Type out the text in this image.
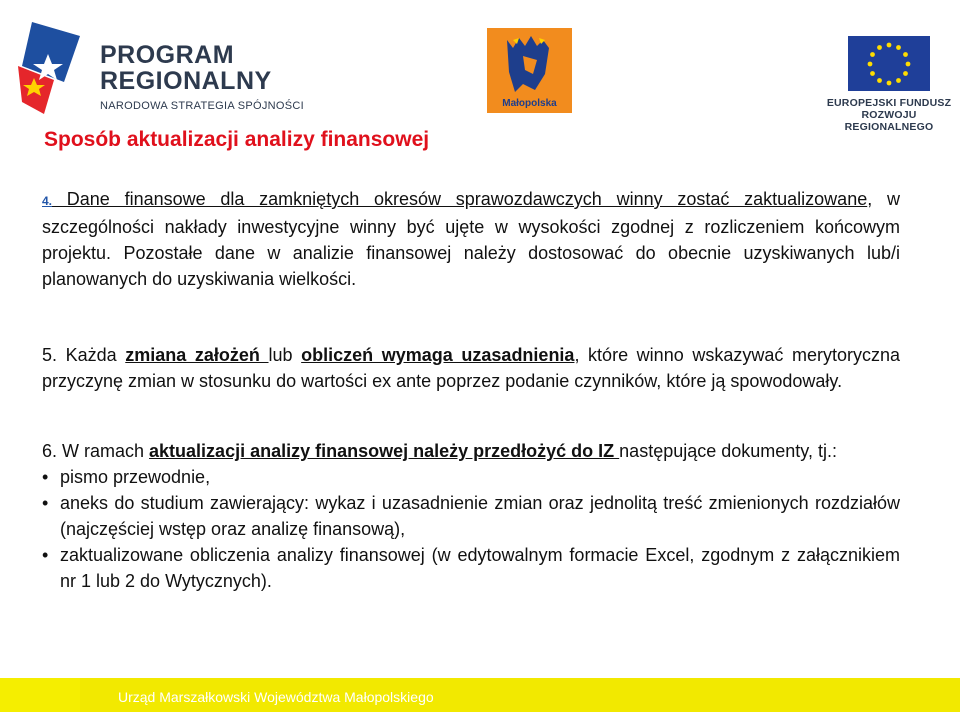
PROGRAM
REGIONALNY
NARODOWA STRATEGIA SPÓJNOŚCI	Małopolska	EUROPEJSKI FUNDUSZ
ROZWOJU REGIONALNEGO
Sposób aktualizacji analizy finansowej

4. Dane finansowe dla zamkniętych okresów sprawozdawczych winny zostać zaktualizowane, w szczególności nakłady inwestycyjne winny być ujęte w wysokości zgodnej z rozliczeniem końcowym projektu. Pozostałe dane w analizie finansowej należy dostosować do obecnie uzyskiwanych lub/i planowanych do uzyskiwania wielkości.

5. Każda zmiana założeń lub obliczeń wymaga uzasadnienia, które winno wskazywać merytoryczna przyczynę zmian w stosunku do wartości ex ante poprzez podanie czynników, które ją spowodowały.

6. W ramach aktualizacji analizy finansowej należy przedłożyć do IZ następujące dokumenty, tj.:

• pismo przewodnie,
• aneks do studium zawierający: wykaz i uzasadnienie zmian oraz jednolitą treść zmienionych rozdziałów (najczęściej wstęp oraz analizę finansową),
• zaktualizowane obliczenia analizy finansowej (w edytowalnym formacie Excel, zgodnym z załącznikiem nr 1 lub 2 do Wytycznych).
Urząd Marszałkowski Województwa Małopolskiego
